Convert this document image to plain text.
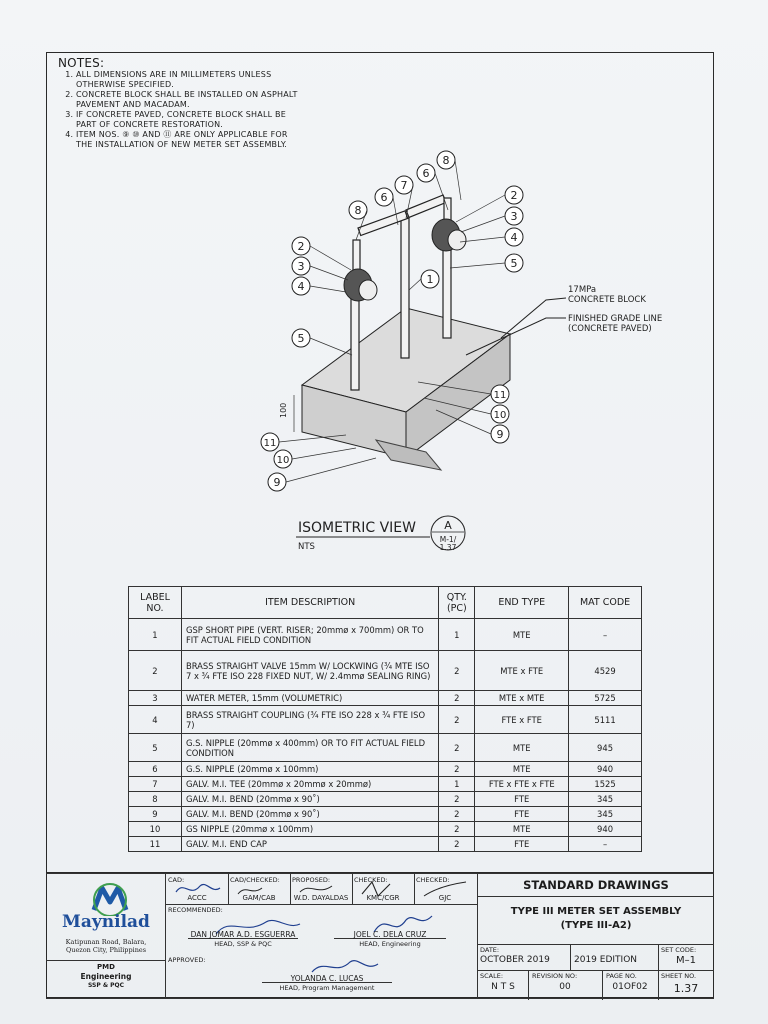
NOTES:
1. ALL DIMENSIONS ARE IN MILLIMETERS UNLESS OTHERWISE SPECIFIED.
2. CONCRETE BLOCK SHALL BE INSTALLED ON ASPHALT PAVEMENT AND MACADAM.
3. IF CONCRETE PAVED, CONCRETE BLOCK SHALL BE PART OF CONCRETE RESTORATION.
4. ITEM NOS. ⑨ ⑩ AND ⑪ ARE ONLY APPLICABLE FOR THE INSTALLATION OF NEW METER SET ASSEMBLY.
8
6
7
6
8
2
3
4
5
2
3
4
1
5
11
10
9
11
10
9
17MPa
CONCRETE BLOCK
FINISHED GRADE LINE
(CONCRETE PAVED)
100
ISOMETRIC VIEW
NTS
A
M-1/
1.37
LABEL NO.	ITEM DESCRIPTION	QTY. (PC)	END TYPE	MAT CODE
1	GSP SHORT PIPE (VERT. RISER; 20mmø x 700mm) OR TO FIT ACTUAL FIELD CONDITION	1	MTE	–
2	BRASS STRAIGHT VALVE 15mm W/ LOCKWING (¾ MTE ISO 7 x ¾ FTE ISO 228 FIXED NUT, W/ 2.4mmø SEALING RING)	2	MTE x FTE	4529
3	WATER METER, 15mm (VOLUMETRIC)	2	MTE x MTE	5725
4	BRASS STRAIGHT COUPLING (¾ FTE ISO 228 x ¾ FTE ISO 7)	2	FTE x FTE	5111
5	G.S. NIPPLE (20mmø x 400mm) OR TO FIT ACTUAL FIELD CONDITION	2	MTE	945
6	G.S. NIPPLE (20mmø x 100mm)	2	MTE	940
7	GALV. M.I. TEE (20mmø x 20mmø x 20mmø)	1	FTE x FTE x FTE	1525
8	GALV. M.I. BEND (20mmø x 90˚)	2	FTE	345
9	GALV. M.I. BEND (20mmø x 90˚)	2	FTE	345
10	GS NIPPLE (20mmø x 100mm)	2	MTE	940
11	GALV. M.I. END CAP	2	FTE	–
Maynilad
Katipunan Road, Balara,
Quezon City, Philippines
PMD
Engineering
SSP & PQC
CAD:	CAD/CHECKED: PROPOSED:	CHECKED:	CHECKED:
ACCC	GAM/CAB	W.D. DAYALDAS	KMC/CGR	GJC
RECOMMENDED:
DAN JOMAR A.D. ESGUERRA
HEAD, SSP & PQC
JOEL C. DELA CRUZ
HEAD, Engineering
APPROVED:
YOLANDA C. LUCAS
HEAD, Program Management
STANDARD DRAWINGS
TYPE III METER SET ASSEMBLY
(TYPE III-A2)
DATE:
OCTOBER 2019	2019 EDITION
SET CODE:
M–1
SCALE:
N T S
REVISION NO:
00
PAGE NO.
01OF02
SHEET NO.
1.37
